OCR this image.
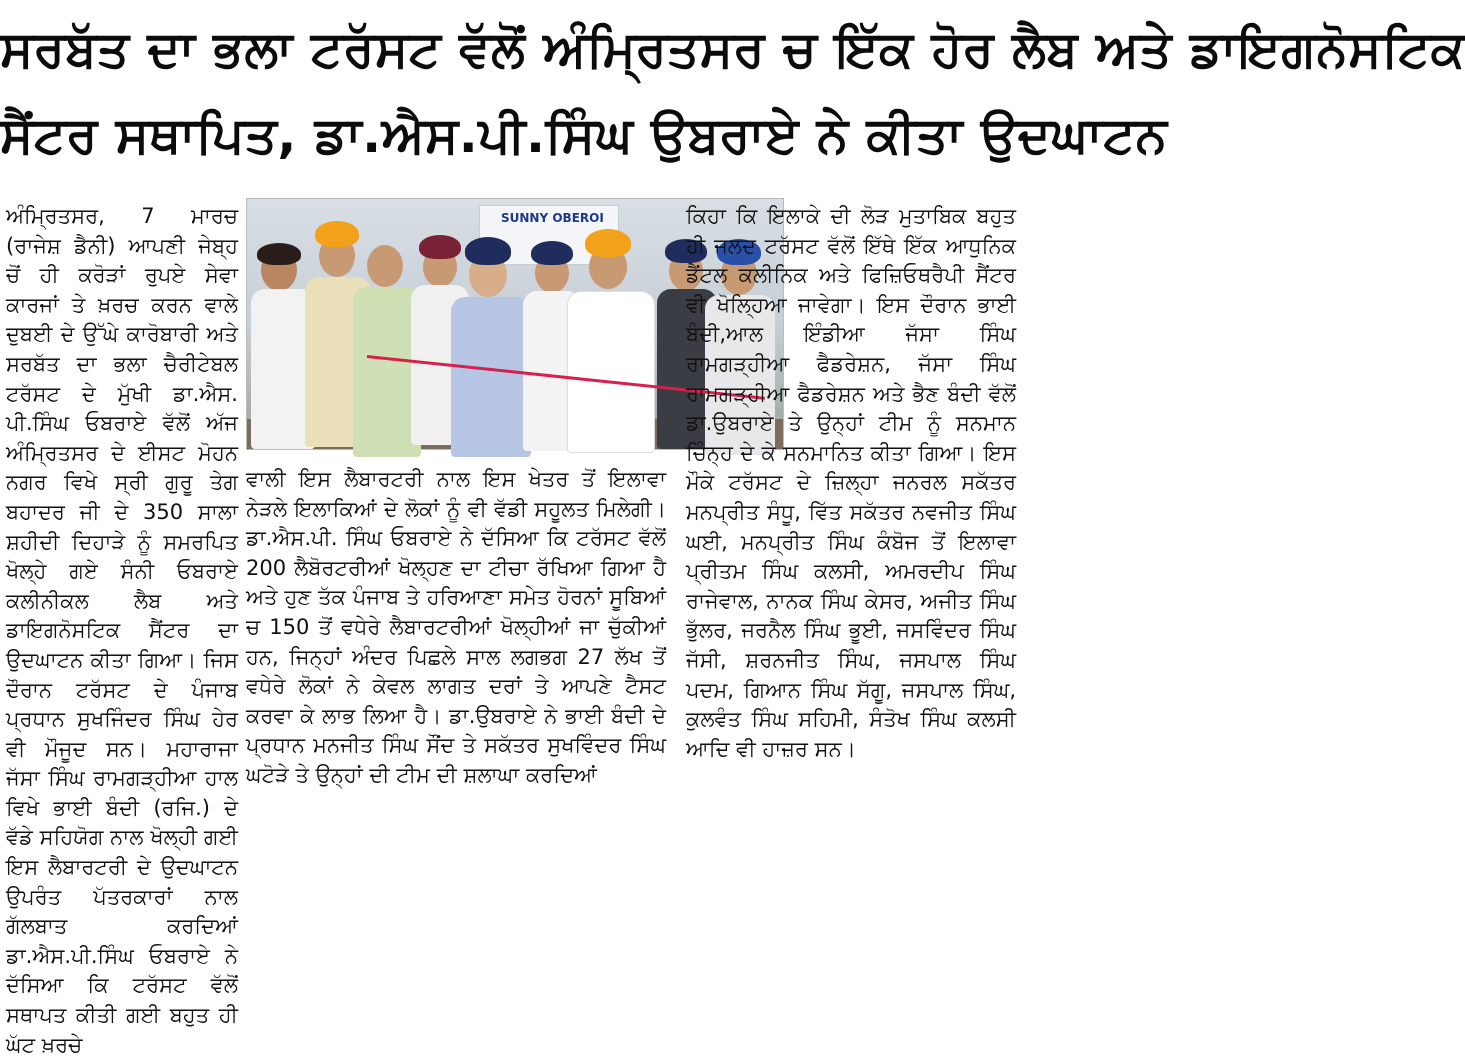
ਸਰਬੱਤ ਦਾ ਭਲਾ ਟਰੱਸਟ ਵੱਲੋਂ ਅੰਮ੍ਰਿਤਸਰ ਚ ਇੱਕ ਹੋਰ ਲੈਬ ਅਤੇ ਡਾਇਗਨੋਸਟਿਕ
ਸੈਂਟਰ ਸਥਾਪਿਤ, ਡਾ.ਐਸ.ਪੀ.ਸਿੰਘ ਉਬਰਾਏ ਨੇ ਕੀਤਾ ਉਦਘਾਟਨ

ਅੰਮ੍ਰਿਤਸਰ, 7 ਮਾਰਚ (ਰਾਜੇਸ਼ ਡੈਨੀ) ਆਪਣੀ ਜੇਬ੍ਹ ਚੋਂ ਹੀ ਕਰੋੜਾਂ ਰੁਪਏ ਸੇਵਾ ਕਾਰਜਾਂ ਤੇ ਖ਼ਰਚ ਕਰਨ ਵਾਲੇ ਦੁਬਈ ਦੇ ਉੱਘੇ ਕਾਰੋਬਾਰੀ ਅਤੇ ਸਰਬੱਤ ਦਾ ਭਲਾ ਚੈਰੀਟੇਬਲ ਟਰੱਸਟ ਦੇ ਮੁੱਖੀ ਡਾ.ਐਸ. ਪੀ.ਸਿੰਘ ਓਬਰਾਏ ਵੱਲੋਂ ਅੱਜ ਅੰਮ੍ਰਿਤਸਰ ਦੇ ਈਸਟ ਮੋਹਨ ਨਗਰ ਵਿਖੇ ਸ੍ਰੀ ਗੁਰੂ ਤੇਗ ਬਹਾਦਰ ਜੀ ਦੇ 350 ਸਾਲਾ ਸ਼ਹੀਦੀ ਦਿਹਾੜੇ ਨੂੰ ਸਮਰਪਿਤ ਖੋਲ੍ਹੇ ਗਏ ਸੰਨੀ ਓਬਰਾਏ ਕਲੀਨੀਕਲ ਲੈਬ ਅਤੇ ਡਾਇਗਨੋਸਟਿਕ ਸੈਂਟਰ ਦਾ ਉਦਘਾਟਨ ਕੀਤਾ ਗਿਆ। ਜਿਸ ਦੌਰਾਨ ਟਰੱਸਟ ਦੇ ਪੰਜਾਬ ਪ੍ਰਧਾਨ ਸੁਖਜਿੰਦਰ ਸਿੰਘ ਹੇਰ ਵੀ ਮੌਜੂਦ ਸਨ। ਮਹਾਰਾਜਾ ਜੱਸਾ ਸਿੰਘ ਰਾਮਗੜ੍ਹੀਆ ਹਾਲ ਵਿਖੇ ਭਾਈ ਬੰਦੀ (ਰਜਿ.) ਦੇ ਵੱਡੇ ਸਹਿਯੋਗ ਨਾਲ ਖੋਲ੍ਹੀ ਗਈ ਇਸ ਲੈਬਾਰਟਰੀ ਦੇ ਉਦਘਾਟਨ ਉਪਰੰਤ ਪੱਤਰਕਾਰਾਂ ਨਾਲ ਗੱਲਬਾਤ ਕਰਦਿਆਂ ਡਾ.ਐਸ.ਪੀ.ਸਿੰਘ ਓਬਰਾਏ ਨੇ ਦੱਸਿਆ ਕਿ ਟਰੱਸਟ ਵੱਲੋਂ ਸਥਾਪਤ ਕੀਤੀ ਗਈ ਬਹੁਤ ਹੀ ਘੱਟ ਖ਼ਰਚੇ

SUNNY OBEROI

ਵਾਲੀ ਇਸ ਲੈਬਾਰਟਰੀ ਨਾਲ ਇਸ ਖੇਤਰ ਤੋਂ ਇਲਾਵਾ ਨੇੜਲੇ ਇਲਾਕਿਆਂ ਦੇ ਲੋਕਾਂ ਨੂੰ ਵੀ ਵੱਡੀ ਸਹੂਲਤ ਮਿਲੇਗੀ। ਡਾ.ਐਸ.ਪੀ. ਸਿੰਘ ਓਬਰਾਏ ਨੇ ਦੱਸਿਆ ਕਿ ਟਰੱਸਟ ਵੱਲੋਂ 200 ਲੈਬੋਰਟਰੀਆਂ ਖੋਲ੍ਹਣ ਦਾ ਟੀਚਾ ਰੱਖਿਆ ਗਿਆ ਹੈ ਅਤੇ ਹੁਣ ਤੱਕ ਪੰਜਾਬ ਤੇ ਹਰਿਆਣਾ ਸਮੇਤ ਹੋਰਨਾਂ ਸੂਬਿਆਂ ਚ 150 ਤੋਂ ਵਧੇਰੇ ਲੈਬਾਰਟਰੀਆਂ ਖੋਲ੍ਹੀਆਂ ਜਾ ਚੁੱਕੀਆਂ ਹਨ, ਜਿਨ੍ਹਾਂ ਅੰਦਰ ਪਿਛਲੇ ਸਾਲ ਲਗਭਗ 27 ਲੱਖ ਤੋਂ ਵਧੇਰੇ ਲੋਕਾਂ ਨੇ ਕੇਵਲ ਲਾਗਤ ਦਰਾਂ ਤੇ ਆਪਣੇ ਟੈਸਟ ਕਰਵਾ ਕੇ ਲਾਭ ਲਿਆ ਹੈ। ਡਾ.ਉਬਰਾਏ ਨੇ ਭਾਈ ਬੰਦੀ ਦੇ ਪ੍ਰਧਾਨ ਮਨਜੀਤ ਸਿੰਘ ਸੌਂਦ ਤੇ ਸਕੱਤਰ ਸੁਖਵਿੰਦਰ ਸਿੰਘ ਘਟੋੜੇ ਤੇ ਉਨ੍ਹਾਂ ਦੀ ਟੀਮ ਦੀ ਸ਼ਲਾਘਾ ਕਰਦਿਆਂ

ਕਿਹਾ ਕਿ ਇਲਾਕੇ ਦੀ ਲੋੜ ਮੁਤਾਬਿਕ ਬਹੁਤ ਹੀ ਜਲਦ ਟਰੱਸਟ ਵੱਲੋਂ ਇੱਥੇ ਇੱਕ ਆਧੁਨਿਕ ਡੈਂਟਲ ਕਲੀਨਿਕ ਅਤੇ ਫਿਜ਼ਿਓਥਰੈਪੀ ਸੈਂਟਰ ਵੀ ਖੋਲ੍ਹਿਆ ਜਾਵੇਗਾ। ਇਸ ਦੌਰਾਨ ਭਾਈ ਬੰਦੀ,ਆਲ ਇੰਡੀਆ ਜੱਸਾ ਸਿੰਘ ਰਾਮਗੜ੍ਹੀਆ ਫੈਡਰੇਸ਼ਨ, ਜੱਸਾ ਸਿੰਘ ਰਾਮਗੜ੍ਹੀਆ ਫੈਡਰੇਸ਼ਨ ਅਤੇ ਭੈਣ ਬੰਦੀ ਵੱਲੋਂ ਡਾ.ਉਬਰਾਏ ਤੇ ਉਨ੍ਹਾਂ ਟੀਮ ਨੂੰ ਸਨਮਾਨ ਚਿੰਨ੍ਹ ਦੇ ਕੇ ਸਨਮਾਨਿਤ ਕੀਤਾ ਗਿਆ। ਇਸ ਮੌਕੇ ਟਰੱਸਟ ਦੇ ਜ਼ਿਲ੍ਹਾ ਜਨਰਲ ਸਕੱਤਰ ਮਨਪ੍ਰੀਤ ਸੰਧੂ, ਵਿੱਤ ਸਕੱਤਰ ਨਵਜੀਤ ਸਿੰਘ ਘਈ, ਮਨਪ੍ਰੀਤ ਸਿੰਘ ਕੰਬੋਜ ਤੋਂ ਇਲਾਵਾ ਪ੍ਰੀਤਮ ਸਿੰਘ ਕਲਸੀ, ਅਮਰਦੀਪ ਸਿੰਘ ਰਾਜੇਵਾਲ, ਨਾਨਕ ਸਿੰਘ ਕੇਸਰ, ਅਜੀਤ ਸਿੰਘ ਭੁੱਲਰ, ਜਰਨੈਲ ਸਿੰਘ ਭੂਈ, ਜਸਵਿੰਦਰ ਸਿੰਘ ਜੱਸੀ, ਸ਼ਰਨਜੀਤ ਸਿੰਘ, ਜਸਪਾਲ ਸਿੰਘ ਪਦਮ, ਗਿਆਨ ਸਿੰਘ ਸੱਗੂ, ਜਸਪਾਲ ਸਿੰਘ, ਕੁਲਵੰਤ ਸਿੰਘ ਸਹਿਮੀ, ਸੰਤੋਖ ਸਿੰਘ ਕਲਸੀ ਆਦਿ ਵੀ ਹਾਜ਼ਰ ਸਨ।
